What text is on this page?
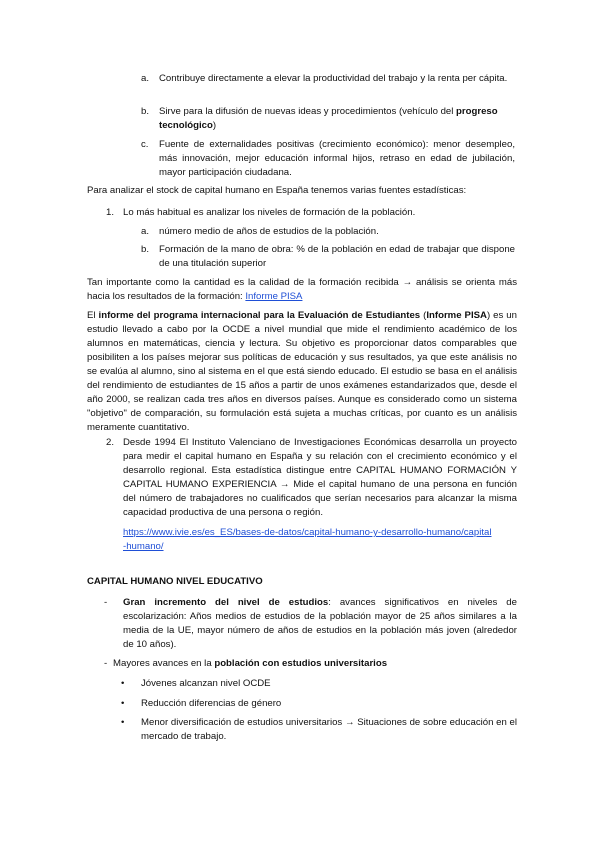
a. Contribuye directamente a elevar la productividad del trabajo y la renta per cápita.
b. Sirve para la difusión de nuevas ideas y procedimientos (vehículo del progreso tecnológico)
c. Fuente de externalidades positivas (crecimiento económico): menor desempleo, más innovación, mejor educación informal hijos, retraso en edad de jubilación, mayor participación ciudadana.
Para analizar el stock de capital humano en España tenemos varias fuentes estadísticas:
1. Lo más habitual es analizar los niveles de formación de la población.
a. número medio de años de estudios de la población.
b. Formación de la mano de obra: % de la población en edad de trabajar que dispone de una titulación superior
Tan importante como la cantidad es la calidad de la formación recibida → análisis se orienta más hacia los resultados de la formación: Informe PISA
El informe del programa internacional para la Evaluación de Estudiantes (Informe PISA) es un estudio llevado a cabo por la OCDE a nivel mundial que mide el rendimiento académico de los alumnos en matemáticas, ciencia y lectura. Su objetivo es proporcionar datos comparables que posibiliten a los países mejorar sus políticas de educación y sus resultados, ya que este análisis no se evalúa al alumno, sino al sistema en el que está siendo educado. El estudio se basa en el análisis del rendimiento de estudiantes de 15 años a partir de unos exámenes estandarizados que, desde el año 2000, se realizan cada tres años en diversos países. Aunque es considerado como un sistema "objetivo" de comparación, su formulación está sujeta a muchas críticas, por cuanto es un análisis meramente cuantitativo.
2. Desde 1994 El Instituto Valenciano de Investigaciones Económicas desarrolla un proyecto para medir el capital humano en España y su relación con el crecimiento económico y el desarrollo regional. Esta estadística distingue entre CAPITAL HUMANO FORMACIÓN Y CAPITAL HUMANO EXPERIENCIA → Mide el capital humano de una persona en función del número de trabajadores no cualificados que serían necesarios para alcanzar la misma capacidad productiva de una persona o región.
https://www.ivie.es/es_ES/bases-de-datos/capital-humano-y-desarrollo-humano/capital-humano/
CAPITAL HUMANO NIVEL EDUCATIVO
- Gran incremento del nivel de estudios: avances significativos en niveles de escolarización: Años medios de estudios de la población mayor de 25 años similares a la media de la UE, mayor número de años de estudios en la población más joven (alrededor de 10 años).
- Mayores avances en la población con estudios universitarios
• Jóvenes alcanzan nivel OCDE
• Reducción diferencias de género
• Menor diversificación de estudios universitarios → Situaciones de sobre educación en el mercado de trabajo.
